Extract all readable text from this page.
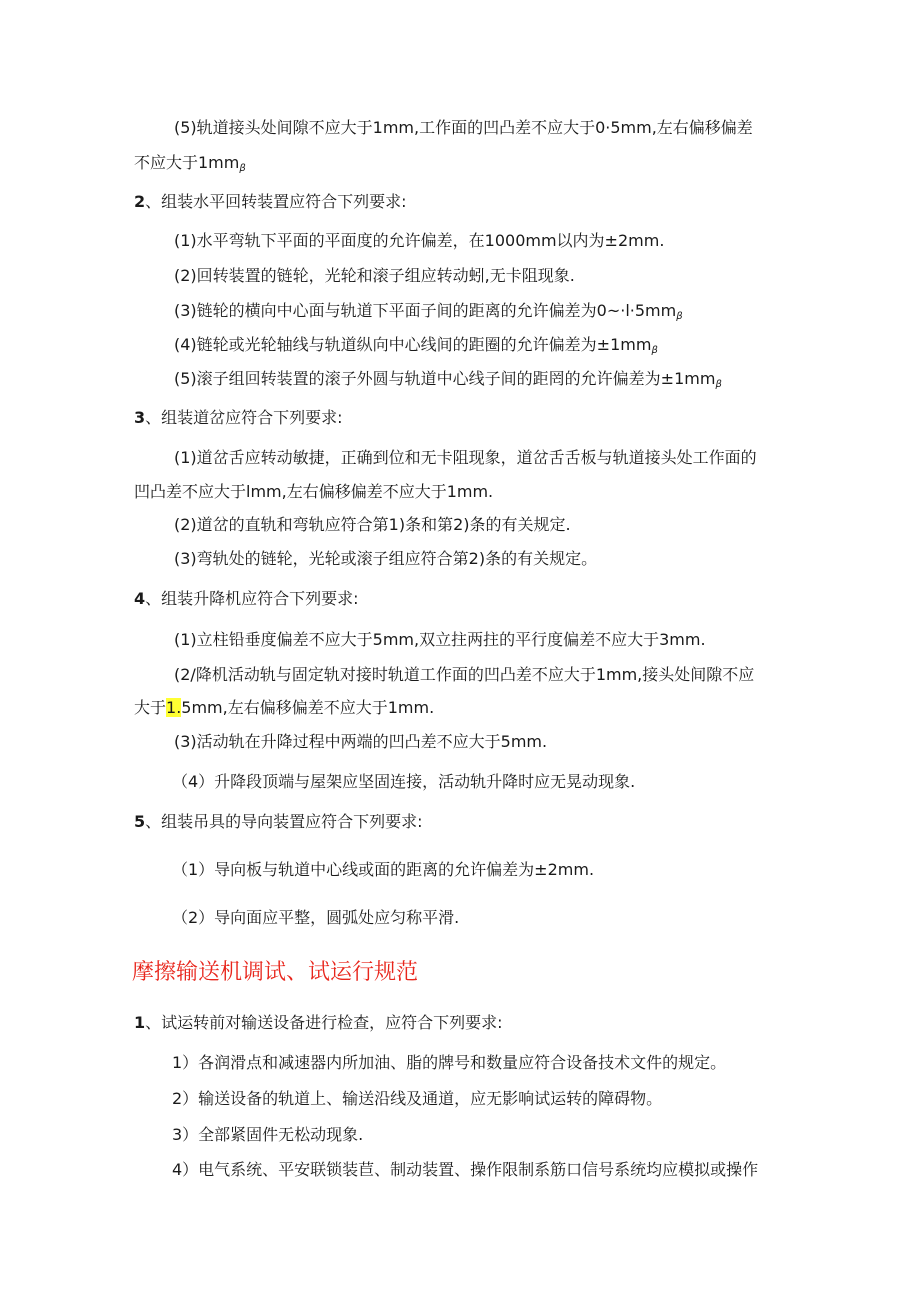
(5)轨道接头处间隙不应大于1mm,工作面的凹凸差不应大于0·5mm,左右偏移偏差
不应大于$1mm_\beta$
2、组装水平回转装置应符合下列要求:
(1)水平弯轨下平面的平面度的允许偏差，在1000mm以内为±2mm.
(2)回转装置的链轮，光轮和滚子组应转动蚓,无卡阻现象.
(3)链轮的横向中心面与轨道下平面子间的距离的允许偏差为$0\sim\cdot l\cdot 5mm_\beta$
(4)链轮或光轮轴线与轨道纵向中心线间的距圈的允许偏差为$\pm 1mm_\beta$
(5)滚子组回转装置的滚子外圆与轨道中心线子间的距罔的允许偏差为$\pm 1mm_\beta$
3、组装道岔应符合下列要求:
(1)道岔舌应转动敏捷，正确到位和无卡阻现象，道岔舌舌板与轨道接头处工作面的
凹凸差不应大于lmm,左右偏移偏差不应大于1mm.
(2)道岔的直轨和弯轨应符合第1)条和第2)条的有关规定.
(3)弯轨处的链轮，光轮或滚子组应符合第2)条的有关规定。
4、组装升降机应符合下列要求:
(1)立柱铅垂度偏差不应大于5mm,双立拄两拄的平行度偏差不应大于3mm.
(2/降机活动轨与固定轨对接时轨道工作面的凹凸差不应大于1mm,接头处间隙不应
大于1.5mm,左右偏移偏差不应大于1mm.
(3)活动轨在升降过程中两端的凹凸差不应大于5mm.
（4）升降段顶端与屋架应坚固连接，活动轨升降时应无晃动现象.
5、组装吊具的导向装置应符合下列要求:
（1）导向板与轨道中心线或面的距离的允许偏差为±2mm.
（2）导向面应平整，圆弧处应匀称平滑.
摩擦输送机调试、试运行规范
1、试运转前对输送设备进行检查，应符合下列要求:
1）各润滑点和减速器内所加油、脂的牌号和数量应符合设备技术文件的规定。
2）输送设备的轨道上、输送沿线及通道，应无影响试运转的障碍物。
3）全部紧固件无松动现象.
4）电气系统、平安联锁装苣、制动装置、操作限制系筋口信号系统均应模拟或操作
